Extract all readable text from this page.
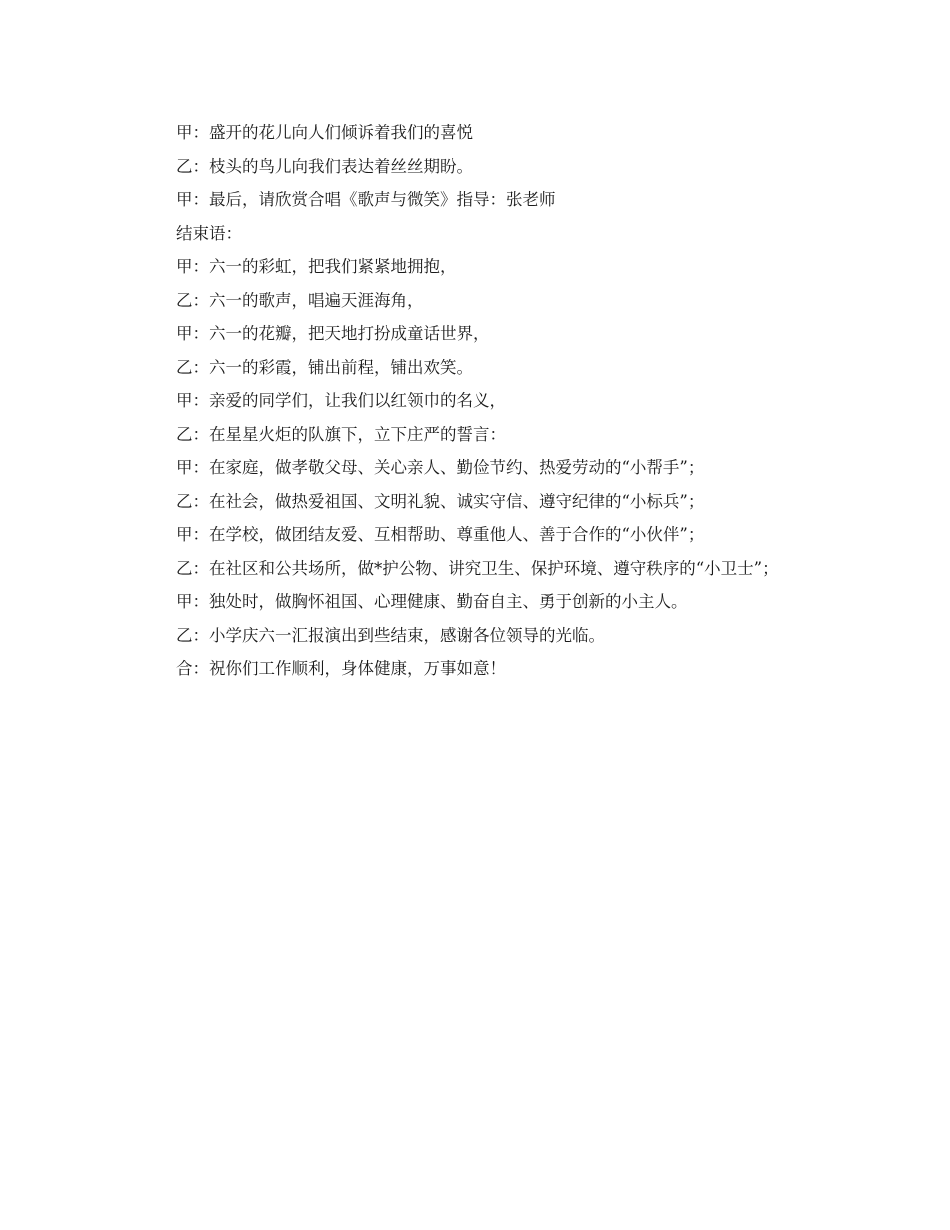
甲：盛开的花儿向人们倾诉着我们的喜悦

乙：枝头的鸟儿向我们表达着丝丝期盼。

甲：最后，请欣赏合唱《歌声与微笑》指导：张老师

结束语：

甲：六一的彩虹，把我们紧紧地拥抱，

乙：六一的歌声，唱遍天涯海角，

甲：六一的花瓣，把天地打扮成童话世界，

乙：六一的彩霞，铺出前程，铺出欢笑。

甲：亲爱的同学们，让我们以红领巾的名义，

乙：在星星火炬的队旗下，立下庄严的誓言：

甲：在家庭，做孝敬父母、关心亲人、勤俭节约、热爱劳动的“小帮手”；

乙：在社会，做热爱祖国、文明礼貌、诚实守信、遵守纪律的“小标兵”；

甲：在学校，做团结友爱、互相帮助、尊重他人、善于合作的“小伙伴”；

乙：在社区和公共场所，做*护公物、讲究卫生、保护环境、遵守秩序的“小卫士”；

甲：独处时，做胸怀祖国、心理健康、勤奋自主、勇于创新的小主人。

乙：小学庆六一汇报演出到些结束，感谢各位领导的光临。

合：祝你们工作顺利，身体健康，万事如意！
